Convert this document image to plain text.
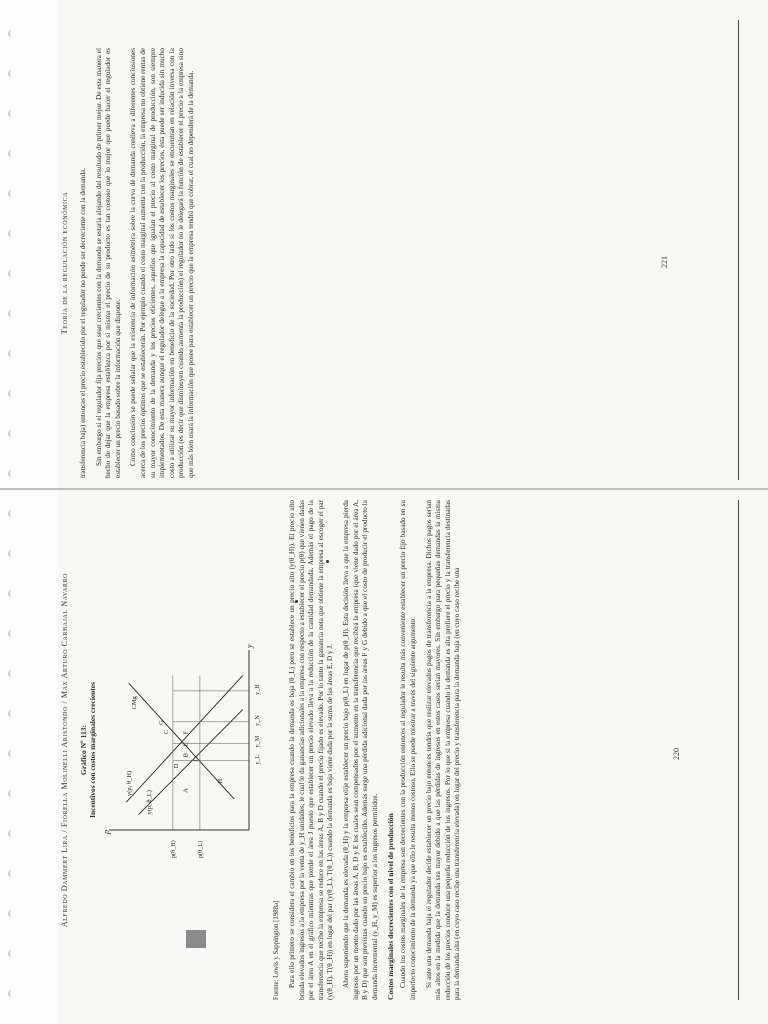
Teoría de la regulación económica transferencia baja) entonces el precio establecido por el regulador no puede ser decreciente con la demanda. Sin embargo si el regulador fija precios que sean crecientes con la demanda se estaría alejando del resultado de primer mejor. De esta manera el hecho de dejar que la empresa establezca por sí misma el precio de su producto es tan costoso que lo mejor que puede hacer el regulador es establecer un precio basado sobre la información que dispone. Como conclusión se puede señalar que la existencia de información asimétrica sobre la curva de demanda conlleva a diferentes conclusiones acerca de los precios óptimos que se establecerán. Por ejemplo cuando el costo marginal aumenta con la producción, la empresa no obtiene rentas de su mayor conocimiento de la demanda y los precios eficientes, aquellos que igualan el precio al costo marginal de producción, son siempre implementados. De esta manera aunque el regulador delegue a la empresa la capacidad de establecer los precios, ésta puede ser inducida sin mucho costo a utilizar su mayor información en beneficio de la sociedad. Por otro lado si los costos marginales se encuentran en relación inversa con la producción (es decir que disminuyen cuando aumenta la producción) el regulador no le delegará la función de establecer el precio a la empresa sino que más bien usará la información que posee para establecer un precio que la empresa tendrá que cobrar, el cual no dependerá de la demanda.	221
Alfredo Dammert Lira / Fiorella Molinelli Aristondo / Max Arturo Carbajal Navarro Gráfico Nº 113: Incentivos con costos marginales crecientes
p
y
y(p, θ_H)
y(p, θ_L)
CMg
p(θ_H)	p(θ_L)
y_L
y_M
y_N
y_H
A
B
C
D
E
F
G
H
J
Fuente: Lewis y Sappington [1988a] Para ello primero se considera el cambio en los beneficios para la empresa cuando la demanda es baja (θ_L) pero se establece un precio alto (y(θ_H)). El precio alto brinda elevados ingresos a la empresa por la venta de y_H unidades, le cual le da ganancias adicionales a la empresa con respecto a establecer el precio p(θ) que vienen dadas por el área A en el gráfico mientras que pierde el área J puesto que establecer un precio elevado lleva a la reducción de la cantidad demandada. Además el pago de la transferencia que recibe la empresa se reduce en las áreas A, B y D cuando el precio fijado es elevado. Por lo tanto la ganancia neta que obtiene la empresa al escoger el par (y(θ_H), T(θ_H)) en lugar del par (y(θ_L), T(θ_L)) cuando la demanda es baja viene dada por la suma de las áreas E, D y J. Ahora suponiendo que la demanda es elevada (θ_H) y la empresa elije establecer un precio bajo p(θ_L) en lugar de p(θ_H). Esta decisión lleva a que la empresa pierda ingresos por un monto dado por las áreas A, B, D y E los cuales sean compensados por el aumento en la transferencia que recibirá la empresa (que viene dado por el área A, B y D) que son previstas cuando un precio bajo es establecido. Además surge una pérdida adicional dada por las áreas F y G debido a que el costo de producir el producto la demanda incremental (y_H, y_M) es superior a los ingresos permitidos. Costos marginales decrecientes con el nivel de producción Cuando los costos marginales de la empresa son decrecientes con la producción entonces al regulador le resulta más conveniente establecer un precio fijo basado en su imperfecto conocimiento de la demanda ya que ello le resulta menos costoso. Ello se puede mostrar a través del siguiente argumento: Si ante una demanda baja el regulador decide establecer un precio bajo entonces tendría que realizar elevados pagos de transferencia a la empresa. Dichos pagos serían más altos en la medida que la demanda sea mayor debido a que las pérdidas de ingresos en estos casos serían mayores. Sin embargo para pequeñas demandas la misma reducción de los precios conduce una pequeña reducción de los ingresos. Por lo que si la empresa cuando la demanda es alta prefiere el precio y la transferencia destinadas para la demanda alta (en cuyo caso recibe una transferencia elevada) en lugar del precio y transferencia para la demanda baja (en cuyo caso recibe una	220
